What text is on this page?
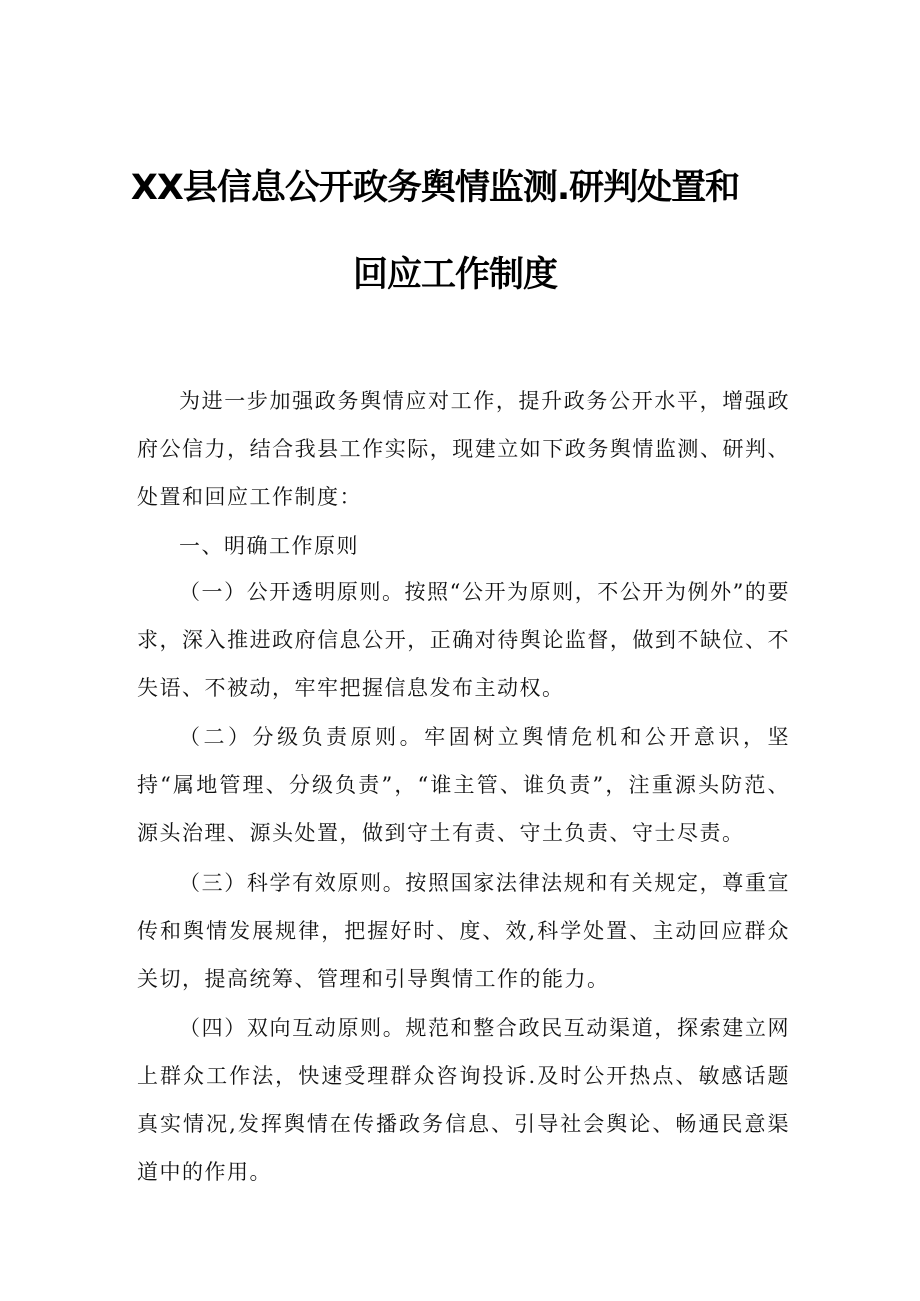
XX县信息公开政务舆情监测.研判处置和
回应工作制度

为进一步加强政务舆情应对工作，提升政务公开水平，增强政府公信力，结合我县工作实际，现建立如下政务舆情监测、研判、处置和回应工作制度：

一、明确工作原则

（一）公开透明原则。按照“公开为原则，不公开为例外”的要求，深入推进政府信息公开，正确对待舆论监督，做到不缺位、不失语、不被动，牢牢把握信息发布主动权。

（二）分级负责原则。牢固树立舆情危机和公开意识，坚持“属地管理、分级负责”，“谁主管、谁负责”，注重源头防范、源头治理、源头处置，做到守土有责、守土负责、守士尽责。

（三）科学有效原则。按照国家法律法规和有关规定，尊重宣传和舆情发展规律，把握好时、度、效,科学处置、主动回应群众关切，提高统筹、管理和引导舆情工作的能力。

（四）双向互动原则。规范和整合政民互动渠道，探索建立网上群众工作法，快速受理群众咨询投诉.及时公开热点、敏感话题真实情况,发挥舆情在传播政务信息、引导社会舆论、畅通民意渠道中的作用。
